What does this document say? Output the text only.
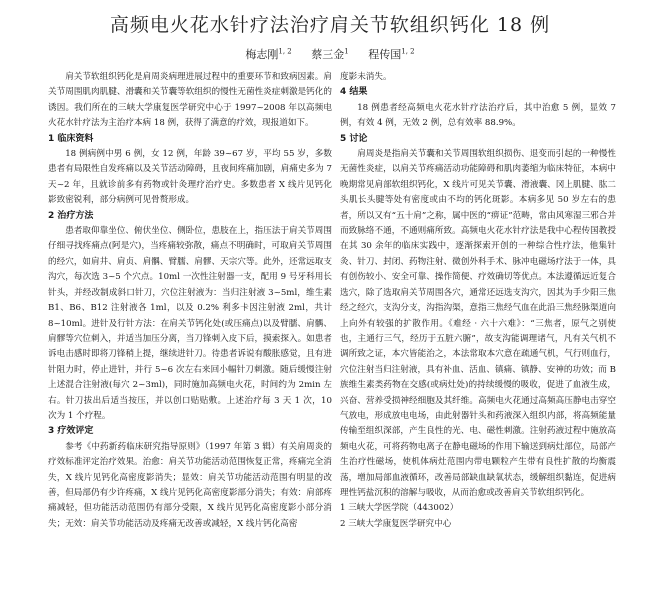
高频电火花水针疗法治疗肩关节软组织钙化 18 例
梅志刚$^{1, 2}$ 蔡三金$^1$ 程传国$^{1, 2}$

肩关节软组织钙化是肩周炎病理进展过程中的重要环节和致病因素。肩关节周围肌肉肌腱、滑囊和关节囊等软组织的慢性无菌性炎症刺激是钙化的诱因。我们所在的三峡大学康复医学研究中心于 1997~2008 年以高频电火花水针疗法为主治疗本病 18 例，获得了满意的疗效，现报道如下。

1 临床资料

18 例病例中男 6 例，女 12 例，年龄 39~67 岁，平均 55 岁，多数患者有局限性自发疼痛以及关节活动障碍，且夜间疼痛加剧，肩痛史多为 7 天~2 年，且就诊前多有药物或针灸理疗治疗史。多数患者 X 线片见钙化影致密锐利，部分病例可见骨赘形成。

2 治疗方法

患者取仰靠坐位、俯伏坐位、侧卧位，患肢在上，指压法于肩关节周围仔细寻找疼痛点(阿是穴)，当疼痛较弥散，痛点不明确时，可取肩关节周围的经穴，如肩井、肩贞、肩髃、臂臑、肩髎、天宗穴等。此外，还常远取支沟穴，每次选 3~5 个穴点。10ml 一次性注射器一支，配用 9 号牙科用长针头，并经改制成斜口针刀，穴位注射液为：当归注射液 3~5ml，维生素 B1、B6、B12 注射液各 1ml，以及 0.2% 利多卡因注射液 2ml，共计 8~10ml。进针及行针方法：在肩关节钙化处(或压痛点)以及臂臑、肩髃、肩髎等穴位刺入，并适当加压分离，当刀锋刺入皮下后，摸索探入。如患者诉电击感时即将刀锋稍上提，继续进针刀。待患者诉说有酸胀感觉，且有进针阻力时，停止进针，并行 5~6 次左右来回小幅针刀刺激。随后缓慢注射上述混合注射液(每穴 2~3ml)，同时施加高频电火花，时间约为 2min 左右。针刀拔出后适当按压，并以创口贴贴敷。上述治疗每 3 天 1 次，10 次为 1 个疗程。

3 疗效评定

参考《中药新药临床研究指导原则》（1997 年第 3 辑）有关肩周炎的疗效标准评定治疗效果。治愈：肩关节功能活动范围恢复正常，疼痛完全消失，X 线片见钙化高密度影消失；显效：肩关节功能活动范围有明显的改善，但局部仍有少许疼痛，X 线片见钙化高密度影部分消失；有效：肩部疼痛减轻，但功能活动范围仍有部分受限，X 线片见钙化高密度影小部分消失；无效：肩关节功能活动及疼痛无改善或减轻，X 线片钙化高密

度影未消失。

4 结果

18 例患者经高频电火花水针疗法治疗后，其中治愈 5 例，显效 7 例，有效 4 例，无效 2 例，总有效率 88.9%。

5 讨论

肩周炎是指肩关节囊和关节周围软组织损伤、退变而引起的一种慢性无菌性炎症，以肩关节疼痛活动功能障碍和肌肉萎缩为临床特征，本病中晚期常见肩部软组织钙化，X 线片可见关节囊、滑液囊、冈上肌腱、肱二头肌长头腱等处有密度或由不均的钙化斑影。本病多见 50 岁左右的患者，所以又有“五十肩”之称，属中医的“痹证”范畴，常由风寒湿三邪合并而致脉络不通，不通则痛所致。高频电火花水针疗法是我中心程传国教授在其 30 余年的临床实践中，逐渐探索开创的一种综合性疗法，他集针灸、针刀、封闭、药物注射、微创外科手术、脉冲电磁场疗法于一体，具有创伤较小、安全可靠、操作简便、疗效确切等优点。本法遵循远近复合选穴，除了选取肩关节周围各穴，通常还远选支沟穴，因其为手少阳三焦经之经穴，支沟分支，沟指沟渠，意指三焦经气血在此沿三焦经脉渠道向上向外有较强的扩散作用。《难经 · 六十六难》：“三焦者，原气之别使也，主通行三气，经历于五脏六腑”，故支沟能调理诸气，凡有关气机不调所致之证，本穴皆能治之，本法常取本穴意在疏通气机，气行则血行，穴位注射当归注射液，具有补血、活血、镇痛、镇静、安神的功效；而 B 族维生素类药物在交感(或病灶处)的持续缓慢的吸收，促进了血液生成，兴奋、营养受损神经细胞及其纤维。高频电火花通过高频高压静电击穿空气放电，形成放电电场，由此射器针头和药液深入组织内部，将高频能量传输至组织深部，产生良性的光、电、磁性刺激。注射药液过程中施放高频电火花，可将药物电离子在静电磁场的作用下输送到病灶部位，局部产生治疗性磁场，使机体病灶范围内带电颗粒产生带有良性扩散的均衡震荡，增加局部血液循环，改善局部缺血缺氧状态，缓解组织黏连，促进病理性钙盐沉积的溶解与吸收，从而治愈或改善肩关节软组织钙化。

1 三峡大学医学院（443002）

2 三峡大学康复医学研究中心
